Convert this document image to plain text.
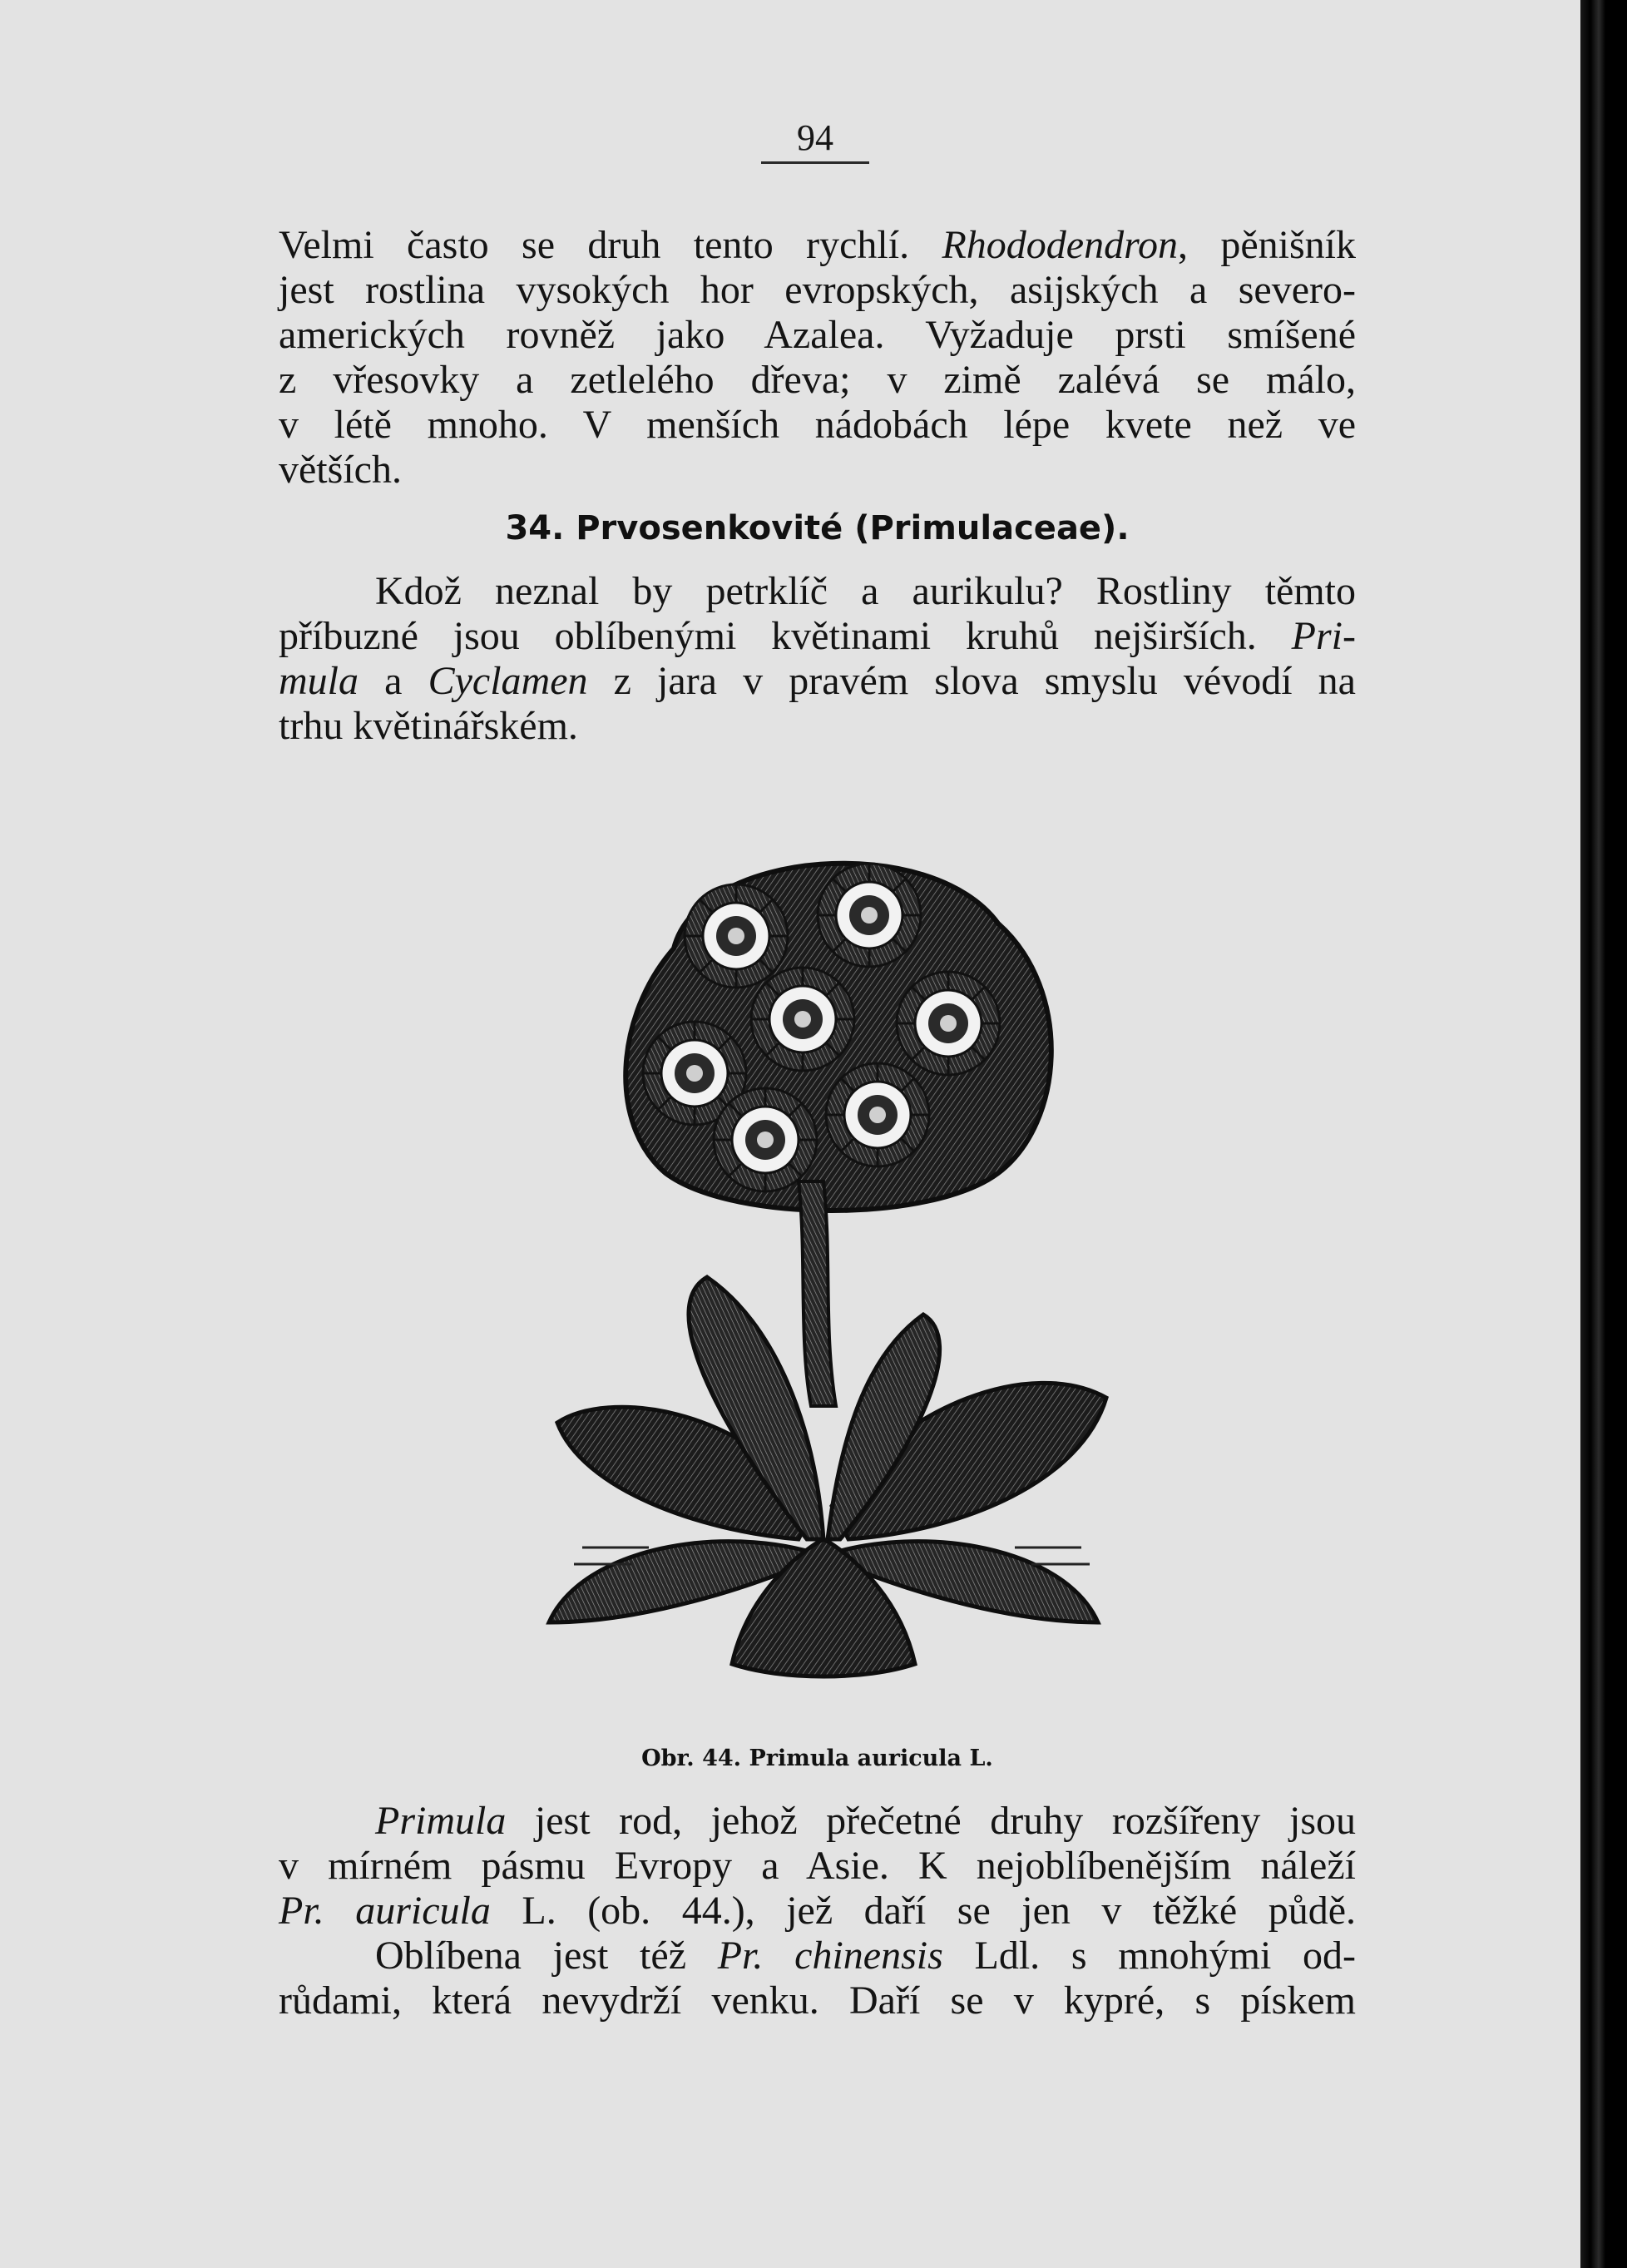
94
Velmi často se druh tento rychlí. Rhododendron, pěnišník
jest rostlina vysokých hor evropských, asijských a severo-
amerických rovněž jako Azalea. Vyžaduje prsti smíšené
z vřesovky a zetlelého dřeva; v zimě zalévá se málo,
v létě mnoho. V menších nádobách lépe kvete než ve
větších.
34. Prvosenkovité (Primulaceae).
Kdož neznal by petrklíč a aurikulu? Rostliny těmto
příbuzné jsou oblíbenými květinami kruhů nejširších. Pri-
mula a Cyclamen z jara v pravém slova smyslu vévodí na
trhu květinářském.
Obr. 44. Primula auricula L.
Primula jest rod, jehož přečetné druhy rozšířeny jsou
v mírném pásmu Evropy a Asie. K nejoblíbenějším náleží
Pr. auricula L. (ob. 44.), jež daří se jen v těžké půdě.
Oblíbena jest též Pr. chinensis Ldl. s mnohými od-
růdami, která nevydrží venku. Daří se v kypré, s pískem
